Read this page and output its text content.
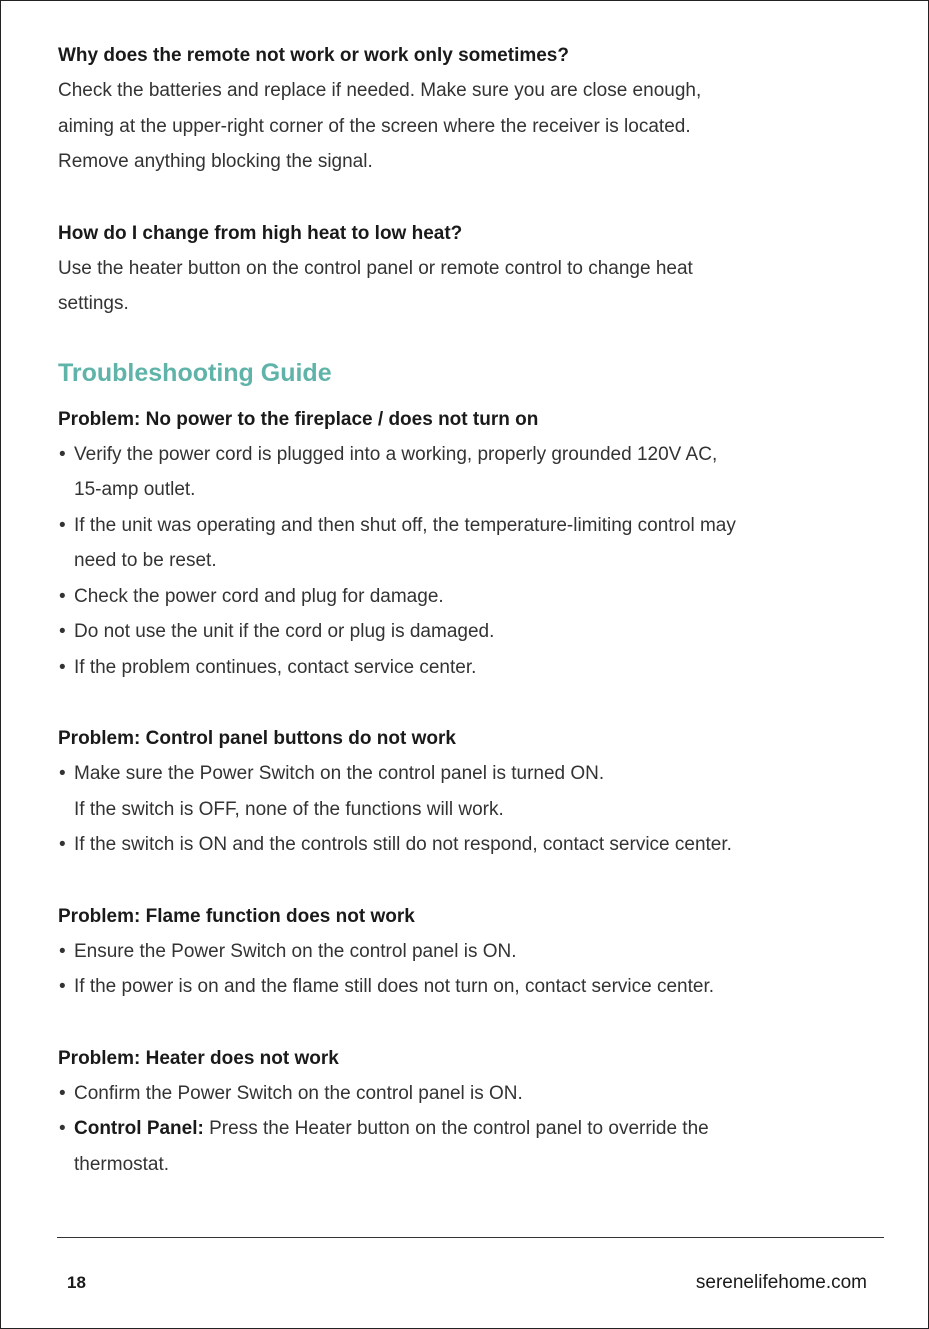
Why does the remote not work or work only sometimes?
Check the batteries and replace if needed. Make sure you are close enough,
aiming at the upper-right corner of the screen where the receiver is located.
Remove anything blocking the signal.
How do I change from high heat to low heat?
Use the heater button on the control panel or remote control to change heat
settings.
Troubleshooting Guide
Problem: No power to the fireplace / does not turn on
• Verify the power cord is plugged into a working, properly grounded 120V AC,
15-amp outlet.
• If the unit was operating and then shut off, the temperature-limiting control may
need to be reset.
• Check the power cord and plug for damage.
• Do not use the unit if the cord or plug is damaged.
• If the problem continues, contact service center.
Problem: Control panel buttons do not work
• Make sure the Power Switch on the control panel is turned ON.
If the switch is OFF, none of the functions will work.
• If the switch is ON and the controls still do not respond, contact service center.
Problem: Flame function does not work
• Ensure the Power Switch on the control panel is ON.
• If the power is on and the flame still does not turn on, contact service center.
Problem: Heater does not work
• Confirm the Power Switch on the control panel is ON.
• Control Panel: Press the Heater button on the control panel to override the
thermostat.
18	serenelifehome.com
